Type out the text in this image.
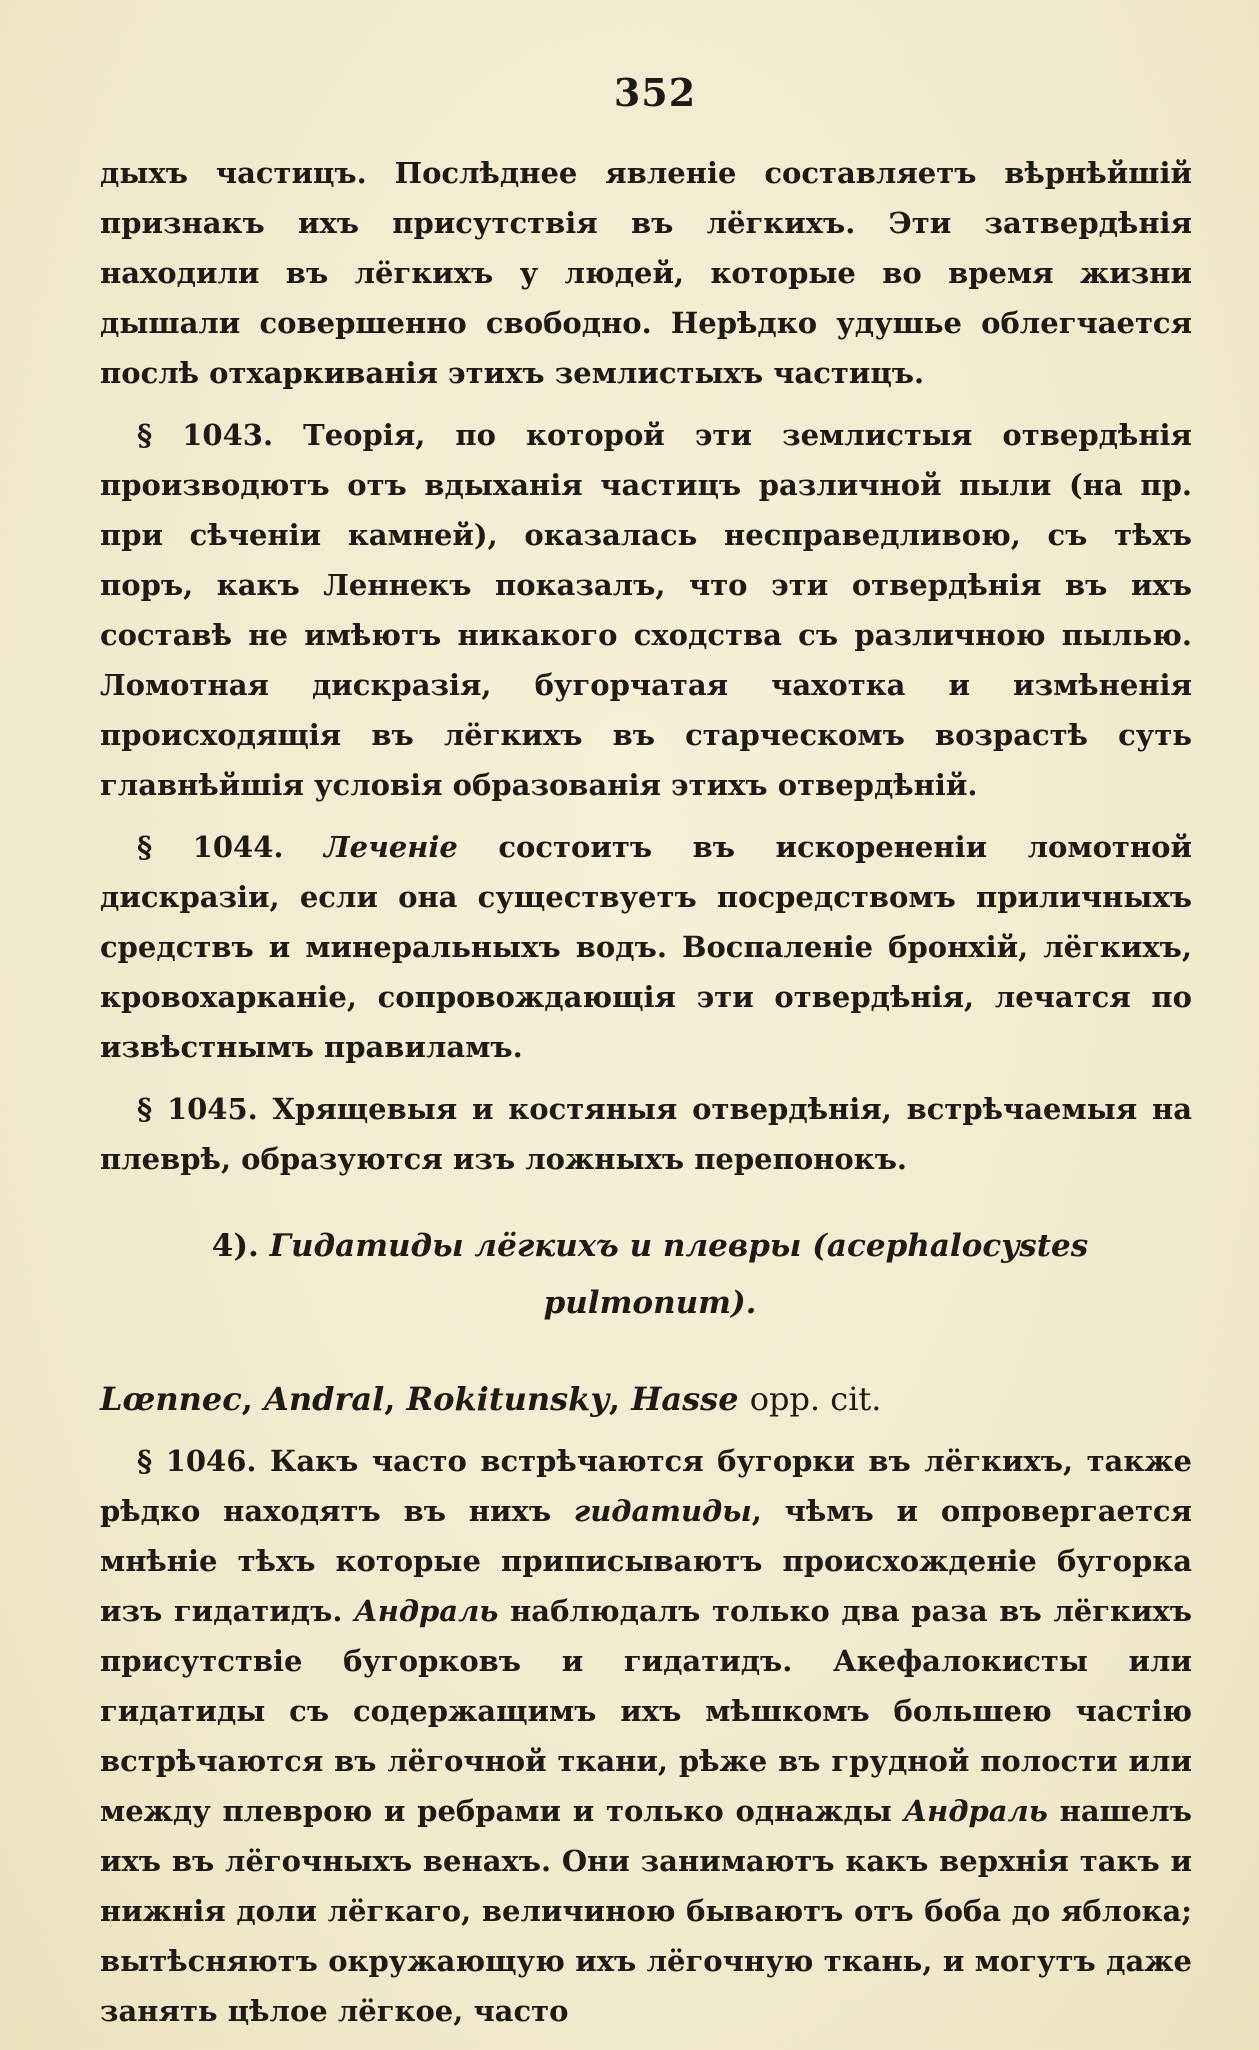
352

дыхъ частицъ. Послѣднее явленіе составляетъ вѣрнѣйшій признакъ ихъ присутствія въ лёгкихъ. Эти затвердѣнія находили въ лёгкихъ у людей, которые во время жизни дышали совершенно свободно. Нерѣдко удушье облегчается послѣ отхаркиванія этихъ землистыхъ частицъ.

§ 1043. Теорія, по которой эти землистыя отвердѣнія производютъ отъ вдыханія частицъ различной пыли (на пр. при сѣченіи камней), оказалась несправедливою, съ тѣхъ поръ, какъ Леннекъ показалъ, что эти отвердѣнія въ ихъ составѣ не имѣютъ никакого сходства съ различною пылью. Ломотная дискразія, бугорчатая чахотка и измѣненія происходящія въ лёгкихъ въ старческомъ возрастѣ суть главнѣйшія условія образованія этихъ отвердѣній.

§ 1044. Леченіе состоитъ въ искорененіи ломотной дискразіи, если она существуетъ посредствомъ приличныхъ средствъ и минеральныхъ водъ. Воспаленіе бронхій, лёгкихъ, кровохарканіе, сопровождающія эти отвердѣнія, лечатся по извѣстнымъ правиламъ.

§ 1045. Хрящевыя и костяныя отвердѣнія, встрѣчаемыя на плеврѣ, образуются изъ ложныхъ перепонокъ.

4). Гидатиды лёгкихъ и плевры (acephalocystes
pulmonum).
Lœnnec, Andral, Rokitunsky, Hasse opp. cit.

§ 1046. Какъ часто встрѣчаются бугорки въ лёгкихъ, также рѣдко находятъ въ нихъ гидатиды, чѣмъ и опровергается мнѣніе тѣхъ которые приписываютъ происхожденіе бугорка изъ гидатидъ. Андраль наблюдалъ только два раза въ лёгкихъ присутствіе бугорковъ и гидатидъ. Акефалокисты или гидатиды съ содержащимъ ихъ мѣшкомъ большею частію встрѣчаются въ лёгочной ткани, рѣже въ грудной полости или между плеврою и ребрами и только однажды Андраль нашелъ ихъ въ лёгочныхъ венахъ. Они занимаютъ какъ верхнія такъ и нижнія доли лёгкаго, величиною бываютъ отъ боба до яблока; вытѣсняютъ окружающую ихъ лёгочную ткань, и могутъ даже занять цѣлое лёгкое, часто
